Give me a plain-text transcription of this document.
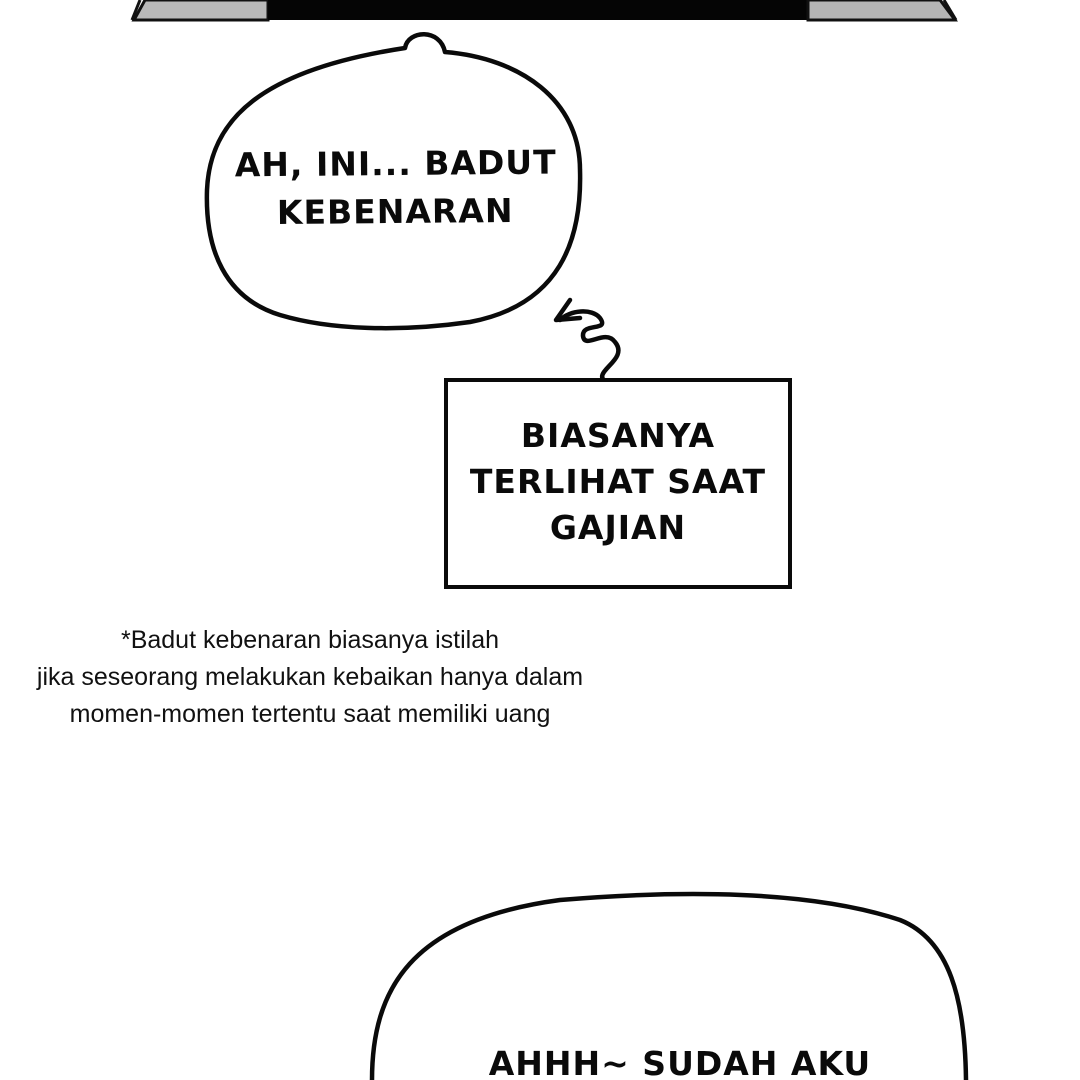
AH, INI... BADUT
KEBENARAN
BIASANYA
TERLIHAT SAAT
GAJIAN
*Badut kebenaran biasanya istilah
jika seseorang melakukan kebaikan hanya dalam
momen-momen tertentu saat memiliki uang
AHHH~ SUDAH AKU
